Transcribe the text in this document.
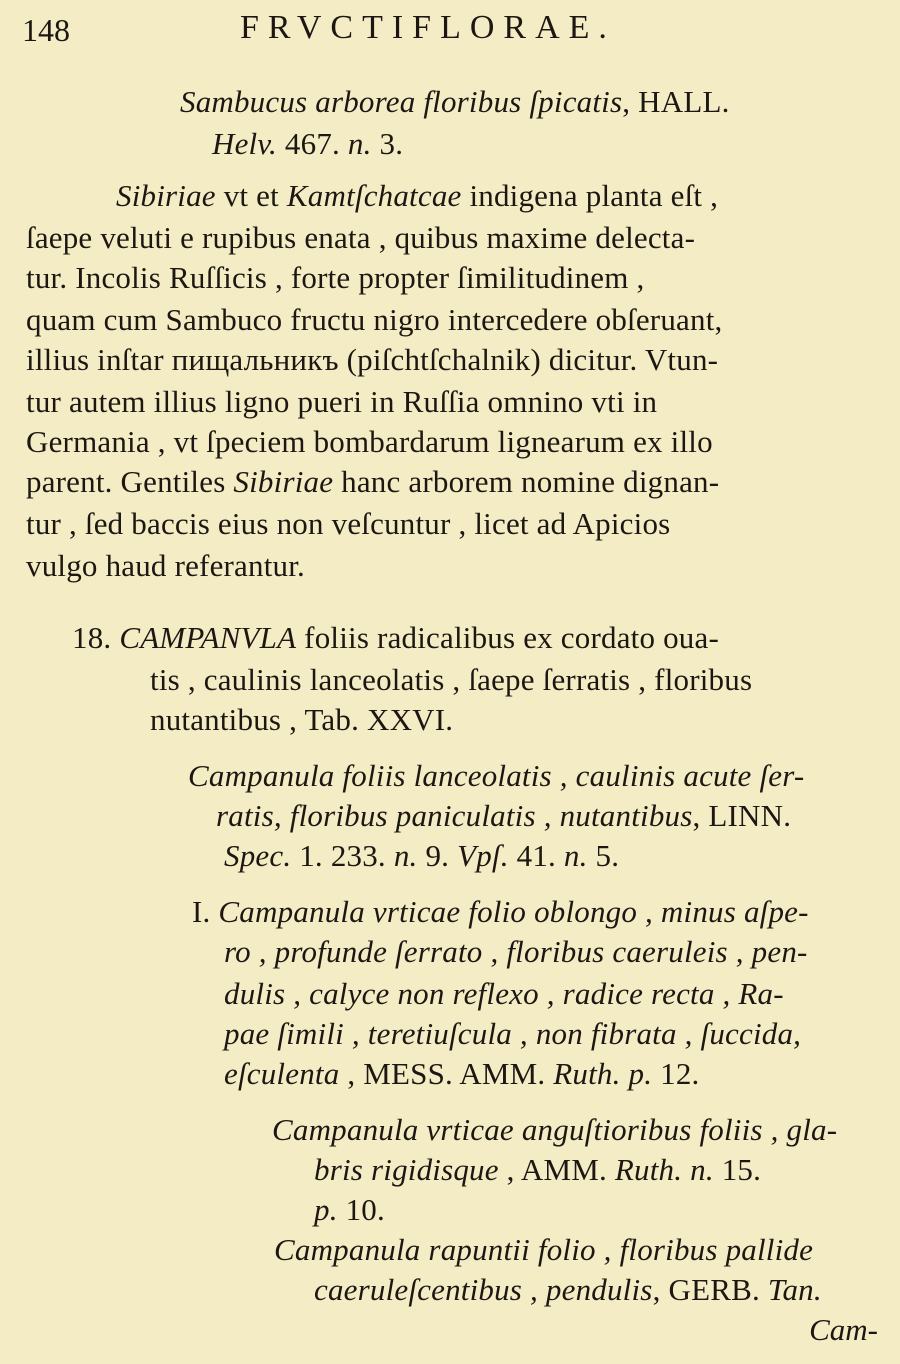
148	FRVCTIFLORAE.
Sambucus arborea floribus ſpicatis, HALL.
Helv. 467. n. 3.
Sibiriae vt et Kamtſchatcae indigena planta eſt ,
ſaepe veluti e rupibus enata , quibus maxime delecta-
tur. Incolis Ruſſicis , forte propter ſimilitudinem ,
quam cum Sambuco fructu nigro intercedere obſeruant,
illius inſtar пищальникъ (piſchtſchalnik) dicitur. Vtun-
tur autem illius ligno pueri in Ruſſia omnino vti in
Germania , vt ſpeciem bombardarum lignearum ex illo
parent. Gentiles Sibiriae hanc arborem nomine dignan-
tur , ſed baccis eius non veſcuntur , licet ad Apicios
vulgo haud referantur.
18. CAMPANVLA foliis radicalibus ex cordato oua-
tis , caulinis lanceolatis , ſaepe ſerratis , floribus
nutantibus , Tab. XXVI.
Campanula foliis lanceolatis , caulinis acute ſer-
ratis, floribus paniculatis , nutantibus, LINN.
Spec. 1. 233. n. 9. Vpſ. 41. n. 5.
I. Campanula vrticae folio oblongo , minus aſpe-
ro , profunde ſerrato , floribus caeruleis , pen-
dulis , calyce non reflexo , radice recta , Ra-
pae ſimili , teretiuſcula , non fibrata , ſuccida,
eſculenta , MESS. AMM. Ruth. p. 12.
Campanula vrticae anguſtioribus foliis , gla-
bris rigidisque , AMM. Ruth. n. 15.
p. 10.
Campanula rapuntii folio , floribus pallide
caeruleſcentibus , pendulis, GERB. Tan.
Cam-
